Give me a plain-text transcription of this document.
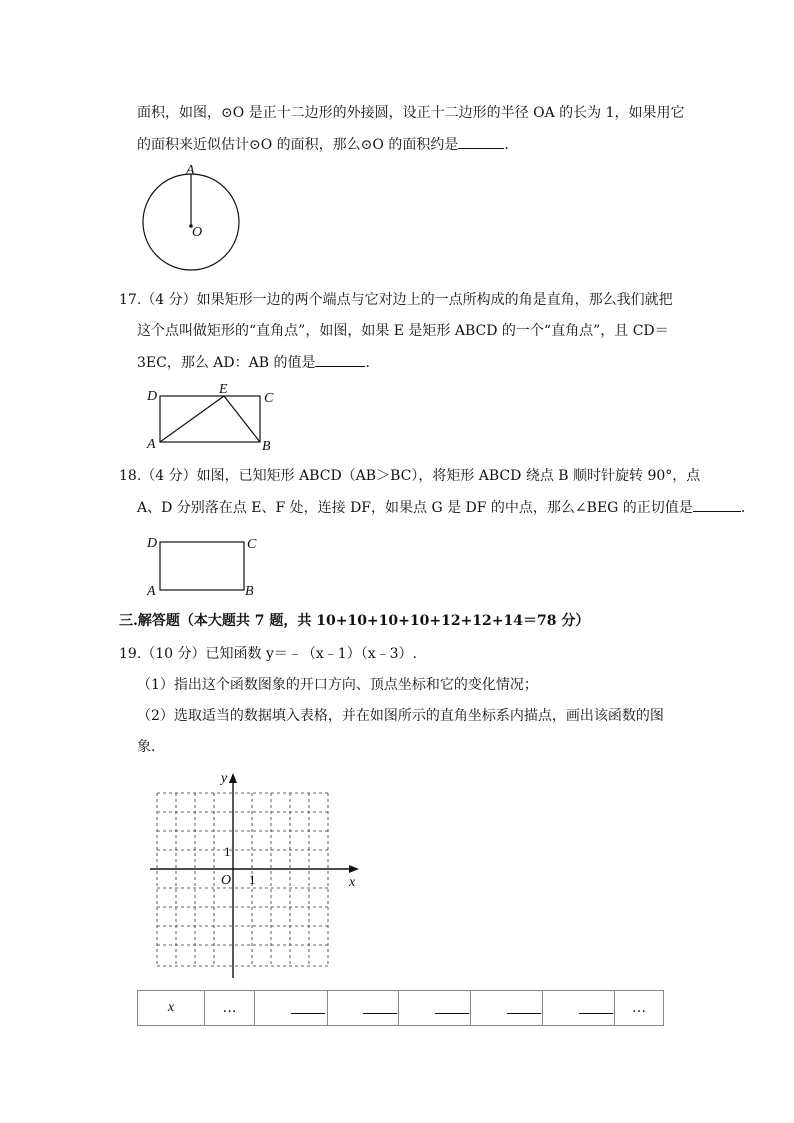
面积，如图，⊙O 是正十二边形的外接圆，设正十二边形的半径 OA 的长为 1，如果用它
的面积来近似估计⊙O 的面积，那么⊙O 的面积约是	.
A
O
17.（4 分）如果矩形一边的两个端点与它对边上的一点所构成的角是直角，那么我们就把
这个点叫做矩形的“直角点”，如图，如果 E 是矩形 ABCD 的一个“直角点”，且 CD＝
3EC，那么 AD：AB 的值是	.
D	E
C
A	B
18.（4 分）如图，已知矩形 ABCD（AB＞BC），将矩形 ABCD 绕点 B 顺时针旋转 90°，点
A、D 分别落在点 E、F 处，连接 DF，如果点 G 是 DF 的中点，那么∠BEG 的正切值是	.
D	C
A	B
三.解答题（本大题共 7 题，共 10+10+10+10+12+12+14＝78 分）
19.（10 分）已知函数 y＝﹣（x﹣1）（x﹣3）.
（1）指出这个函数图象的开口方向、顶点坐标和它的变化情况；
（2）选取适当的数据填入表格，并在如图所示的直角坐标系内描点，画出该函数的图
象.
y
x
O 1
1
x	…						…
